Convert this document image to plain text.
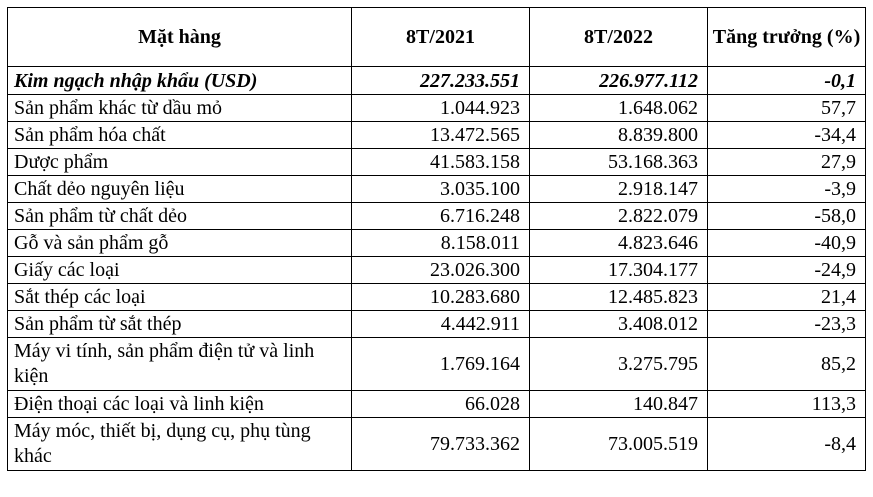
Mặt hàng	8T/2021	8T/2022	Tăng trưởng (%)

Kim ngạch nhập khẩu (USD)	227.233.551	226.977.112	-0,1
Sản phẩm khác từ dầu mỏ	1.044.923	1.648.062	57,7
Sản phẩm hóa chất	13.472.565	8.839.800	-34,4
Dược phẩm	41.583.158	53.168.363	27,9
Chất dẻo nguyên liệu	3.035.100	2.918.147	-3,9
Sản phẩm từ chất dẻo	6.716.248	2.822.079	-58,0
Gỗ và sản phẩm gỗ	8.158.011	4.823.646	-40,9
Giấy các loại	23.026.300	17.304.177	-24,9
Sắt thép các loại	10.283.680	12.485.823	21,4
Sản phẩm từ sắt thép	4.442.911	3.408.012	-23,3
Máy vi tính, sản phẩm điện tử và linh kiện	1.769.164	3.275.795	85,2
Điện thoại các loại và linh kiện	66.028	140.847	113,3
Máy móc, thiết bị, dụng cụ, phụ tùng khác	79.733.362	73.005.519	-8,4
